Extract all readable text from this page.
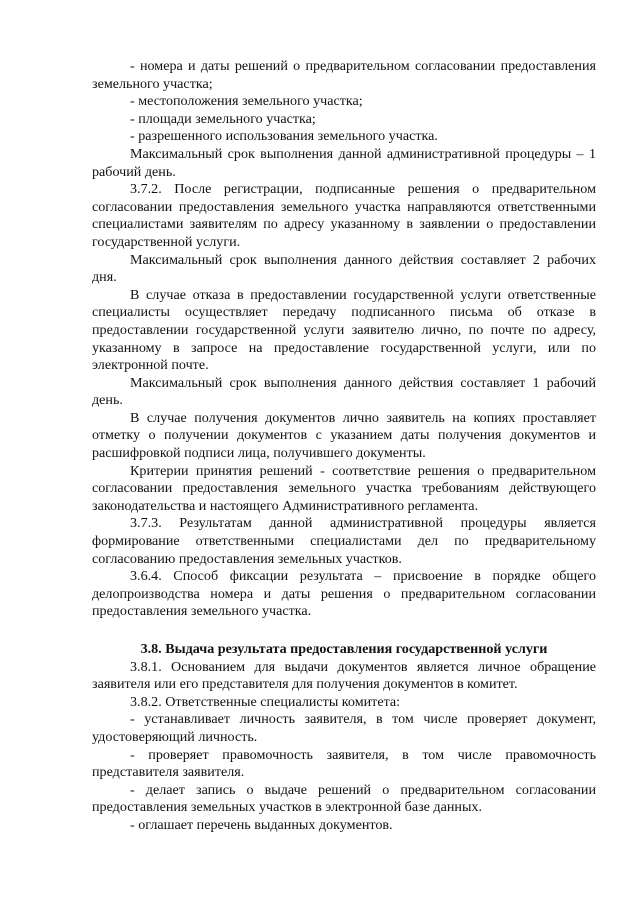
- номера и даты решений о предварительном согласовании предоставления земельного участка;

- местоположения земельного участка;

- площади земельного участка;

- разрешенного использования земельного участка.

Максимальный срок выполнения данной административной процедуры – 1 рабочий день.

3.7.2. После регистрации, подписанные решения о предварительном согласовании предоставления земельного участка направляются ответственными специалистами заявителям по адресу указанному в заявлении о предоставлении государственной услуги.

Максимальный срок выполнения данного действия составляет 2 рабочих дня.

В случае отказа в предоставлении государственной услуги ответственные специалисты осуществляет передачу подписанного письма об отказе в предоставлении государственной услуги заявителю лично, по почте по адресу, указанному в запросе на предоставление государственной услуги, или по электронной почте.

Максимальный срок выполнения данного действия составляет 1 рабочий день.

В случае получения документов лично заявитель на копиях проставляет отметку о получении документов с указанием даты получения документов и расшифровкой подписи лица, получившего документы.

Критерии принятия решений - соответствие решения о предварительном согласовании предоставления земельного участка требованиям действующего законодательства и настоящего Административного регламента.

3.7.3. Результатам данной административной процедуры является формирование ответственными специалистами дел по предварительному согласованию предоставления земельных участков.

3.6.4. Способ фиксации результата – присвоение в порядке общего делопроизводства номера и даты решения о предварительном согласовании предоставления земельного участка.

3.8. Выдача результата предоставления государственной услуги

3.8.1. Основанием для выдачи документов является личное обращение заявителя или его представителя для получения документов в комитет.

3.8.2. Ответственные специалисты комитета:

- устанавливает личность заявителя, в том числе проверяет документ, удостоверяющий личность.

- проверяет правомочность заявителя, в том числе правомочность представителя заявителя.

- делает запись о выдаче решений о предварительном согласовании предоставления земельных участков в электронной базе данных.

- оглашает перечень выданных документов.
